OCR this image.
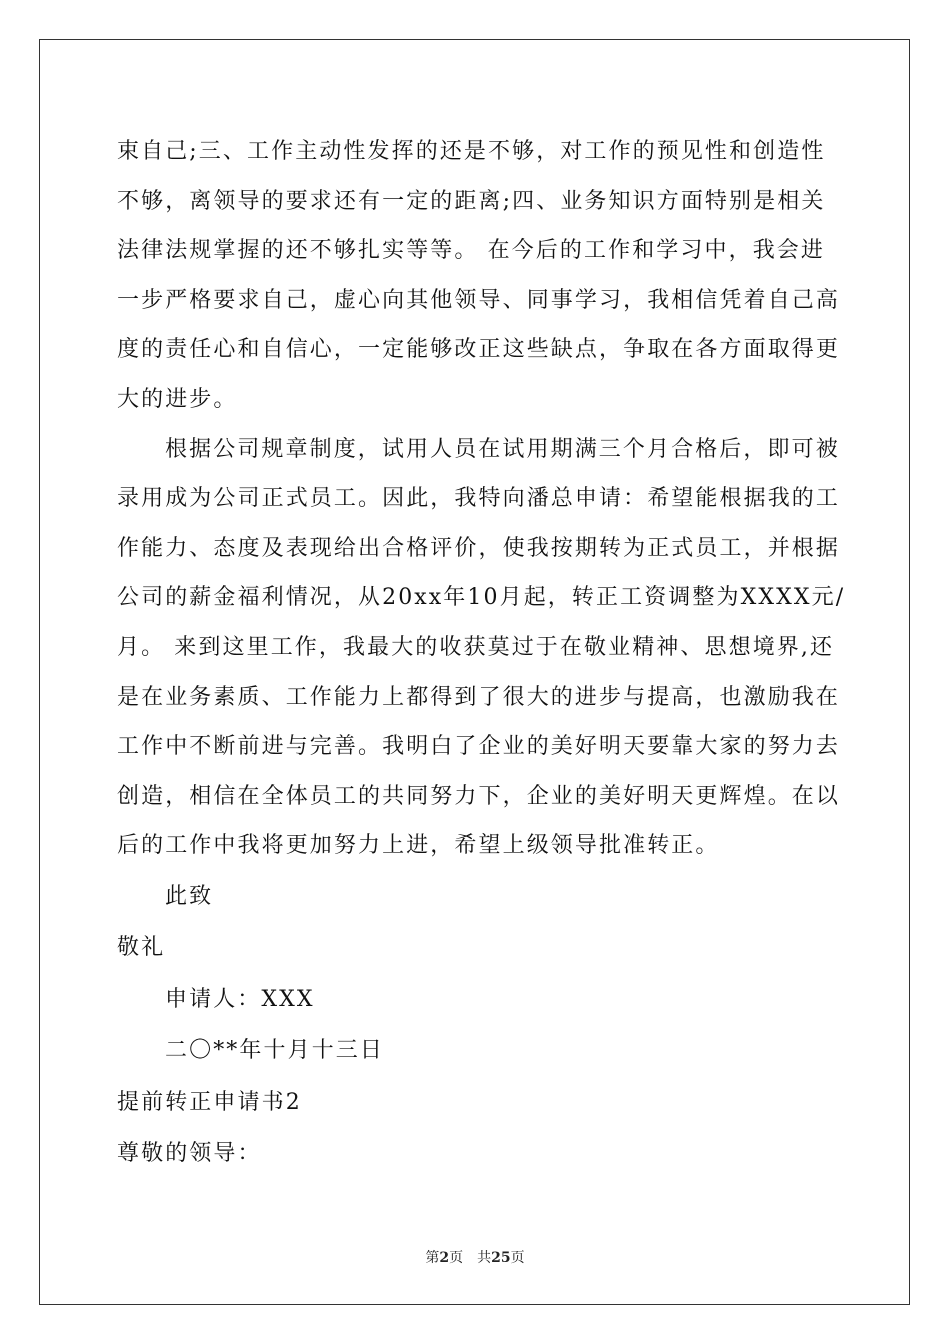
束自己;三、工作主动性发挥的还是不够，对工作的预见性和创造性
不够，离领导的要求还有一定的距离;四、业务知识方面特别是相关
法律法规掌握的还不够扎实等等。 在今后的工作和学习中，我会进
一步严格要求自己，虚心向其他领导、同事学习，我相信凭着自己高
度的责任心和自信心，一定能够改正这些缺点，争取在各方面取得更
大的进步。

根据公司规章制度，试用人员在试用期满三个月合格后，即可被
录用成为公司正式员工。因此，我特向潘总申请：希望能根据我的工
作能力、态度及表现给出合格评价，使我按期转为正式员工，并根据
公司的薪金福利情况，从20xx年10月起，转正工资调整为XXXX元/
月。 来到这里工作，我最大的收获莫过于在敬业精神、思想境界,还
是在业务素质、工作能力上都得到了很大的进步与提高，也激励我在
工作中不断前进与完善。我明白了企业的美好明天要靠大家的努力去
创造，相信在全体员工的共同努力下，企业的美好明天更辉煌。在以
后的工作中我将更加努力上进，希望上级领导批准转正。

此致

敬礼

申请人：XXX

二〇**年十月十三日

提前转正申请书2

尊敬的领导：

第2页 共25页
